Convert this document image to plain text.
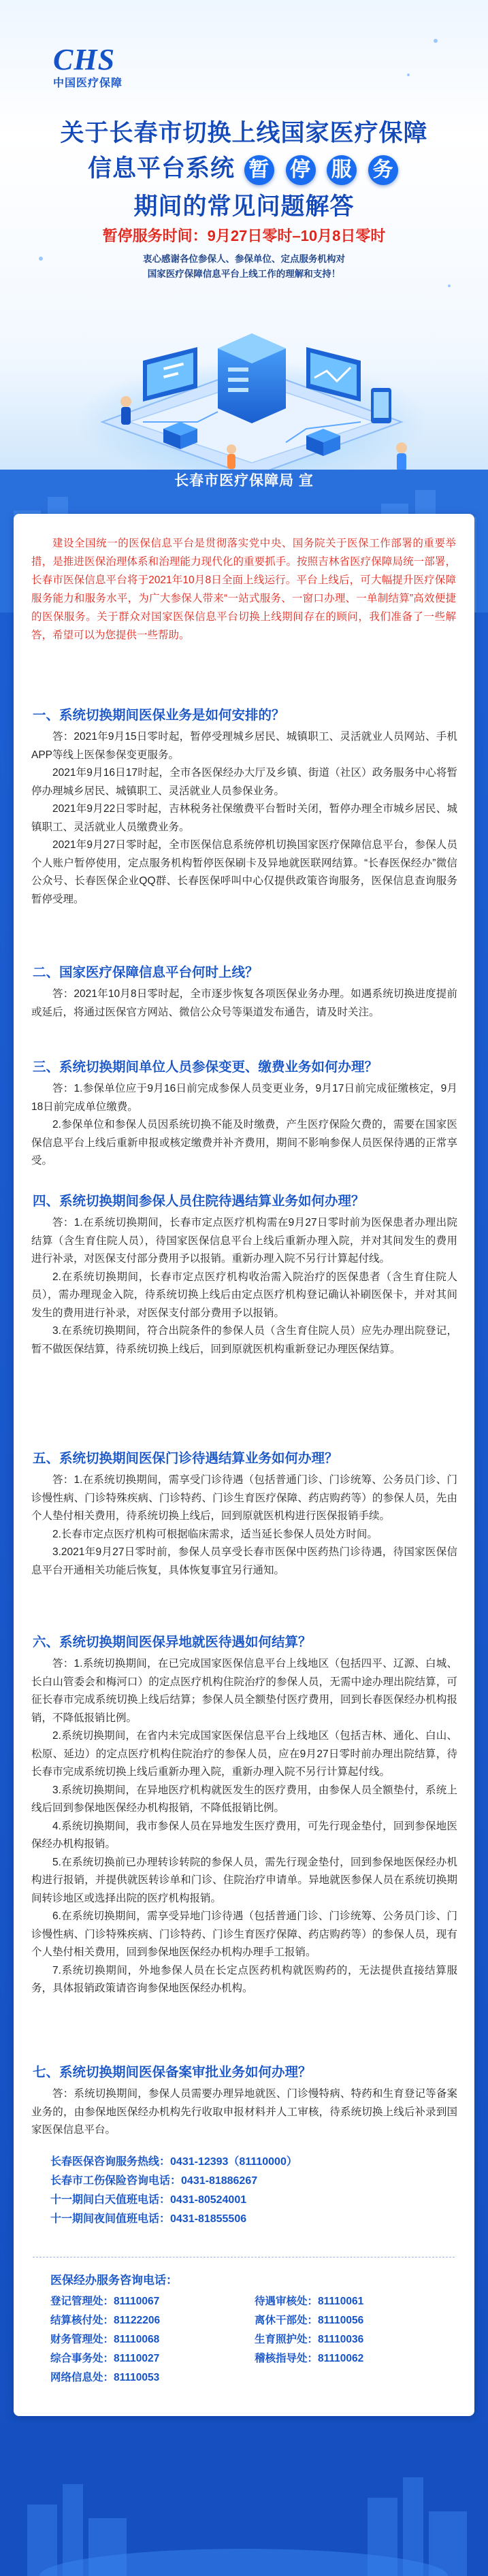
CHS
中国医疗保障
关于长春市切换上线国家医疗保障
信息平台系统 暂 停 服 务
期间的常见问题解答
暂停服务时间：9月27日零时–10月8日零时
衷心感谢各位参保人、参保单位、定点服务机构对
国家医疗保障信息平台上线工作的理解和支持！
长春市医疗保障局 宣
建设全国统一的医保信息平台是贯彻落实党中央、国务院关于医保工作部署的重要举措，是推进医保治理体系和治理能力现代化的重要抓手。按照吉林省医疗保障局统一部署，长春市医保信息平台将于2021年10月8日全面上线运行。平台上线后，可大幅提升医疗保障服务能力和服务水平，为广大参保人带来“一站式服务、一窗口办理、一单制结算”高效便捷的医保服务。关于群众对国家医保信息平台切换上线期间存在的顾问，我们准备了一些解答，希望可以为您提供一些帮助。
一、系统切换期间医保业务是如何安排的？

答：2021年9月15日零时起，暂停受理城乡居民、城镇职工、灵活就业人员网站、手机APP等线上医保参保变更服务。

2021年9月16日17时起，全市各医保经办大厅及乡镇、街道（社区）政务服务中心将暂停办理城乡居民、城镇职工、灵活就业人员参保业务。

2021年9月22日零时起，吉林税务社保缴费平台暂时关闭，暂停办理全市城乡居民、城镇职工、灵活就业人员缴费业务。

2021年9月27日零时起，全市医保信息系统停机切换国家医疗保障信息平台，参保人员个人账户暂停使用，定点服务机构暂停医保刷卡及异地就医联网结算。“长春医保经办”微信公众号、长春医保企业QQ群、长春医保呼叫中心仅提供政策咨询服务，医保信息查询服务暂停受理。

二、国家医疗保障信息平台何时上线？

答：2021年10月8日零时起，全市逐步恢复各项医保业务办理。如遇系统切换进度提前或延后，将通过医保官方网站、微信公众号等渠道发布通告，请及时关注。

三、系统切换期间单位人员参保变更、缴费业务如何办理？

答：1.参保单位应于9月16日前完成参保人员变更业务，9月17日前完成征缴核定，9月18日前完成单位缴费。

2.参保单位和参保人员因系统切换不能及时缴费，产生医疗保险欠费的，需要在国家医保信息平台上线后重新申报或核定缴费并补齐费用，期间不影响参保人员医保待遇的正常享受。

四、系统切换期间参保人员住院待遇结算业务如何办理？

答：1.在系统切换期间，长春市定点医疗机构需在9月27日零时前为医保患者办理出院结算（含生育住院人员），待国家医保信息平台上线后重新办理入院，并对其间发生的费用进行补录，对医保支付部分费用予以报销。重新办理入院不另行计算起付线。

2.在系统切换期间，长春市定点医疗机构收治需入院治疗的医保患者（含生育住院人员），需办理现金入院，待系统切换上线后由定点医疗机构登记确认补刷医保卡，并对其间发生的费用进行补录，对医保支付部分费用予以报销。

3.在系统切换期间，符合出院条件的参保人员（含生育住院人员）应先办理出院登记，暂不做医保结算，待系统切换上线后，回到原就医机构重新登记办理医保结算。

五、系统切换期间医保门诊待遇结算业务如何办理？

答：1.在系统切换期间，需享受门诊待遇（包括普通门诊、门诊统筹、公务员门诊、门诊慢性病、门诊特殊疾病、门诊特药、门诊生育医疗保障、药店购药等）的参保人员，先由个人垫付相关费用，待系统切换上线后，回到原就医机构进行医保报销手续。

2.长春市定点医疗机构可根据临床需求，适当延长参保人员处方时间。

3.2021年9月27日零时前，参保人员享受长春市医保中医药热门诊待遇，待国家医保信息平台开通相关功能后恢复，具体恢复事宜另行通知。

六、系统切换期间医保异地就医待遇如何结算？

答：1.系统切换期间，在已完成国家医保信息平台上线地区（包括四平、辽源、白城、长白山管委会和梅河口）的定点医疗机构住院治疗的参保人员，无需中途办理出院结算，可征长春市完成系统切换上线后结算；参保人员全额垫付医疗费用，回到长春医保经办机构报销，不降低报销比例。

2.系统切换期间，在省内未完成国家医保信息平台上线地区（包括吉林、通化、白山、松原、延边）的定点医疗机构住院治疗的参保人员，应在9月27日零时前办理出院结算，待长春市完成系统切换上线后重新办理入院，重新办理入院不另行计算起付线。

3.系统切换期间，在异地医疗机构就医发生的医疗费用，由参保人员全额垫付，系统上线后回到参保地医保经办机构报销，不降低报销比例。

4.系统切换期间，我市参保人员在异地发生医疗费用，可先行现金垫付，回到参保地医保经办机构报销。

5.在系统切换前已办理转诊转院的参保人员，需先行现金垫付，回到参保地医保经办机构进行报销，并提供就医转诊单和门诊、住院治疗申请单。异地就医参保人员在系统切换期间转诊地区或选择出院的医疗机构报销。

6.在系统切换期间，需享受异地门诊待遇（包括普通门诊、门诊统筹、公务员门诊、门诊慢性病、门诊特殊疾病、门诊特药、门诊生育医疗保障、药店购药等）的参保人员，现有个人垫付相关费用，回到参保地医保经办机构办理手工报销。

7.系统切换期间，外地参保人员在长定点医药机构就医购药的，无法提供直接结算服务，具体报销政策请咨询参保地医保经办机构。

七、系统切换期间医保备案审批业务如何办理？

答：系统切换期间，参保人员需要办理异地就医、门诊慢特病、特药和生育登记等备案业务的，由参保地医保经办机构先行收取申报材料并人工审核，待系统切换上线后补录到国家医保信息平台。

长春医保咨询服务热线：0431-12393（81110000）
长春市工伤保险咨询电话：0431-81886267
十一期间白天值班电话：0431-80524001
十一期间夜间值班电话：0431-81855506
医保经办服务咨询电话：
登记管理处：81110067	待遇审核处：81110061
结算核付处：81122206	离休干部处：81110056
财务管理处：81110068	生育照护处：81110036
综合事务处：81110027	稽核指导处：81110062
网络信息处：81110053
